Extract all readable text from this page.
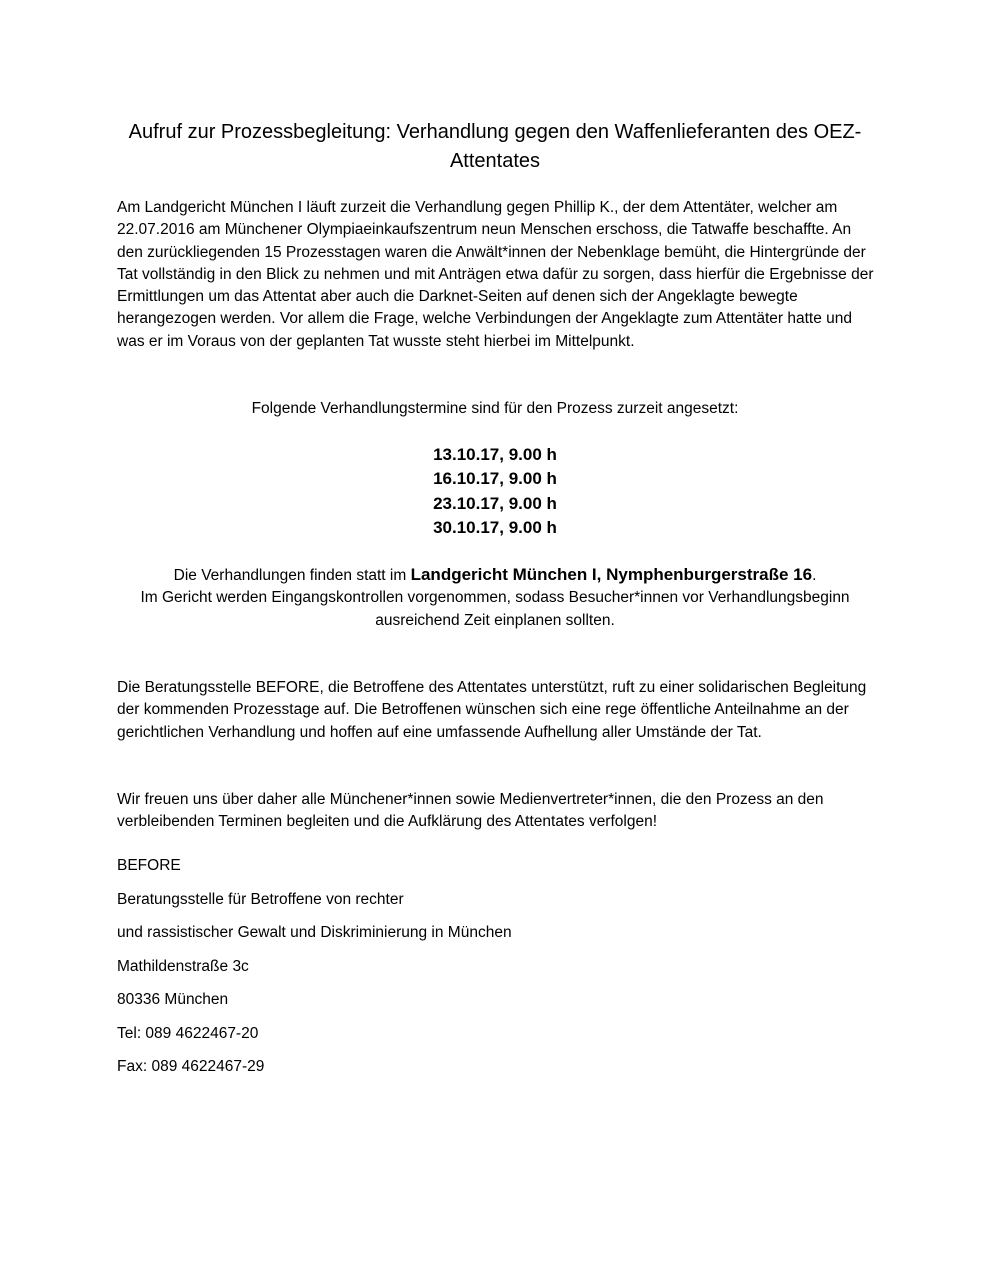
Aufruf zur Prozessbegleitung: Verhandlung gegen den Waffenlieferanten des OEZ-Attentates

Am Landgericht München I läuft zurzeit die Verhandlung gegen Phillip K., der dem Attentäter, welcher am 22.07.2016 am Münchener Olympiaeinkaufszentrum neun Menschen erschoss, die Tatwaffe beschaffte. An den zurückliegenden 15 Prozesstagen waren die Anwält*innen der Nebenklage bemüht, die Hintergründe der Tat vollständig in den Blick zu nehmen und mit Anträgen etwa dafür zu sorgen, dass hierfür die Ergebnisse der Ermittlungen um das Attentat aber auch die Darknet-Seiten auf denen sich der Angeklagte bewegte herangezogen werden. Vor allem die Frage, welche Verbindungen der Angeklagte zum Attentäter hatte und was er im Voraus von der geplanten Tat wusste steht hierbei im Mittelpunkt.

Folgende Verhandlungstermine sind für den Prozess zurzeit angesetzt:

13.10.17, 9.00 h
16.10.17, 9.00 h
23.10.17, 9.00 h
30.10.17, 9.00 h

Die Verhandlungen finden statt im Landgericht München I, Nymphenburgerstraße 16.
Im Gericht werden Eingangskontrollen vorgenommen, sodass Besucher*innen vor Verhandlungsbeginn ausreichend Zeit einplanen sollten.

Die Beratungsstelle BEFORE, die Betroffene des Attentates unterstützt, ruft zu einer solidarischen Begleitung der kommenden Prozesstage auf. Die Betroffenen wünschen sich eine rege öffentliche Anteilnahme an der gerichtlichen Verhandlung und hoffen auf eine umfassende Aufhellung aller Umstände der Tat.

Wir freuen uns über daher alle Münchener*innen sowie Medienvertreter*innen, die den Prozess an den verbleibenden Terminen begleiten und die Aufklärung des Attentates verfolgen!

BEFORE
Beratungsstelle für Betroffene von rechter
und rassistischer Gewalt und Diskriminierung in München
Mathildenstraße 3c
80336 München
Tel: 089 4622467-20
Fax: 089 4622467-29
